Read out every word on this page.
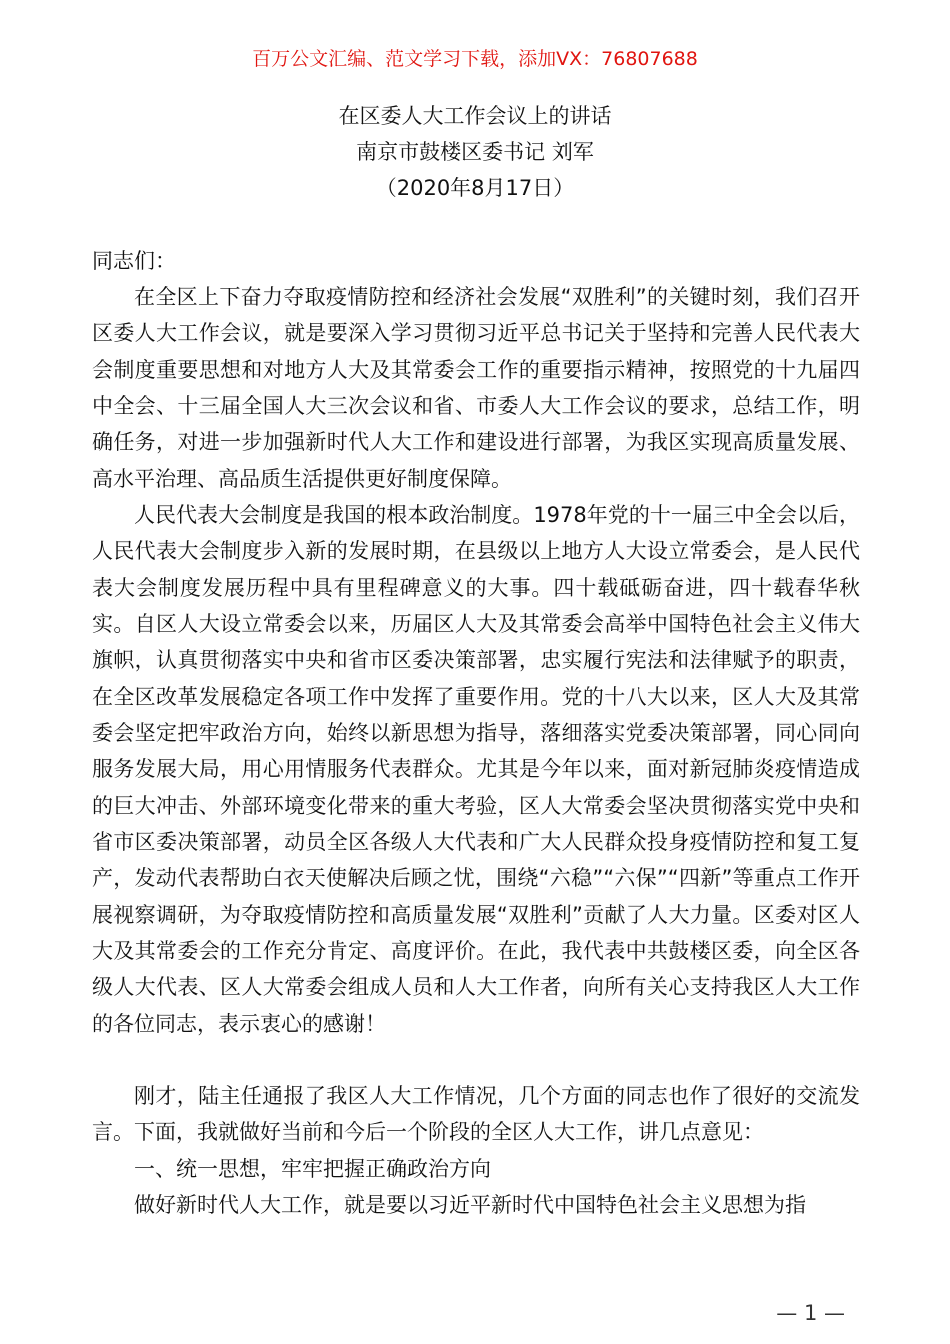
百万公文汇编、范文学习下载，添加VX：76807688
在区委人大工作会议上的讲话
南京市鼓楼区委书记 刘军
（2020年8月17日）
同志们：
在全区上下奋力夺取疫情防控和经济社会发展“双胜利”的关键时刻，我们召开区委人大工作会议，就是要深入学习贯彻习近平总书记关于坚持和完善人民代表大会制度重要思想和对地方人大及其常委会工作的重要指示精神，按照党的十九届四中全会、十三届全国人大三次会议和省、市委人大工作会议的要求，总结工作，明确任务，对进一步加强新时代人大工作和建设进行部署，为我区实现高质量发展、高水平治理、高品质生活提供更好制度保障。
人民代表大会制度是我国的根本政治制度。1978年党的十一届三中全会以后，人民代表大会制度步入新的发展时期，在县级以上地方人大设立常委会，是人民代表大会制度发展历程中具有里程碑意义的大事。四十载砥砺奋进，四十载春华秋实。自区人大设立常委会以来，历届区人大及其常委会高举中国特色社会主义伟大旗帜，认真贯彻落实中央和省市区委决策部署，忠实履行宪法和法律赋予的职责，在全区改革发展稳定各项工作中发挥了重要作用。党的十八大以来，区人大及其常委会坚定把牢政治方向，始终以新思想为指导，落细落实党委决策部署，同心同向服务发展大局，用心用情服务代表群众。尤其是今年以来，面对新冠肺炎疫情造成的巨大冲击、外部环境变化带来的重大考验，区人大常委会坚决贯彻落实党中央和省市区委决策部署，动员全区各级人大代表和广大人民群众投身疫情防控和复工复产，发动代表帮助白衣天使解决后顾之忧，围绕“六稳”“六保”“四新”等重点工作开展视察调研，为夺取疫情防控和高质量发展“双胜利”贡献了人大力量。区委对区人大及其常委会的工作充分肯定、高度评价。在此，我代表中共鼓楼区委，向全区各级人大代表、区人大常委会组成人员和人大工作者，向所有关心支持我区人大工作的各位同志，表示衷心的感谢！
刚才，陆主任通报了我区人大工作情况，几个方面的同志也作了很好的交流发言。下面，我就做好当前和今后一个阶段的全区人大工作，讲几点意见：
一、统一思想，牢牢把握正确政治方向
做好新时代人大工作，就是要以习近平新时代中国特色社会主义思想为指
— 1 —
